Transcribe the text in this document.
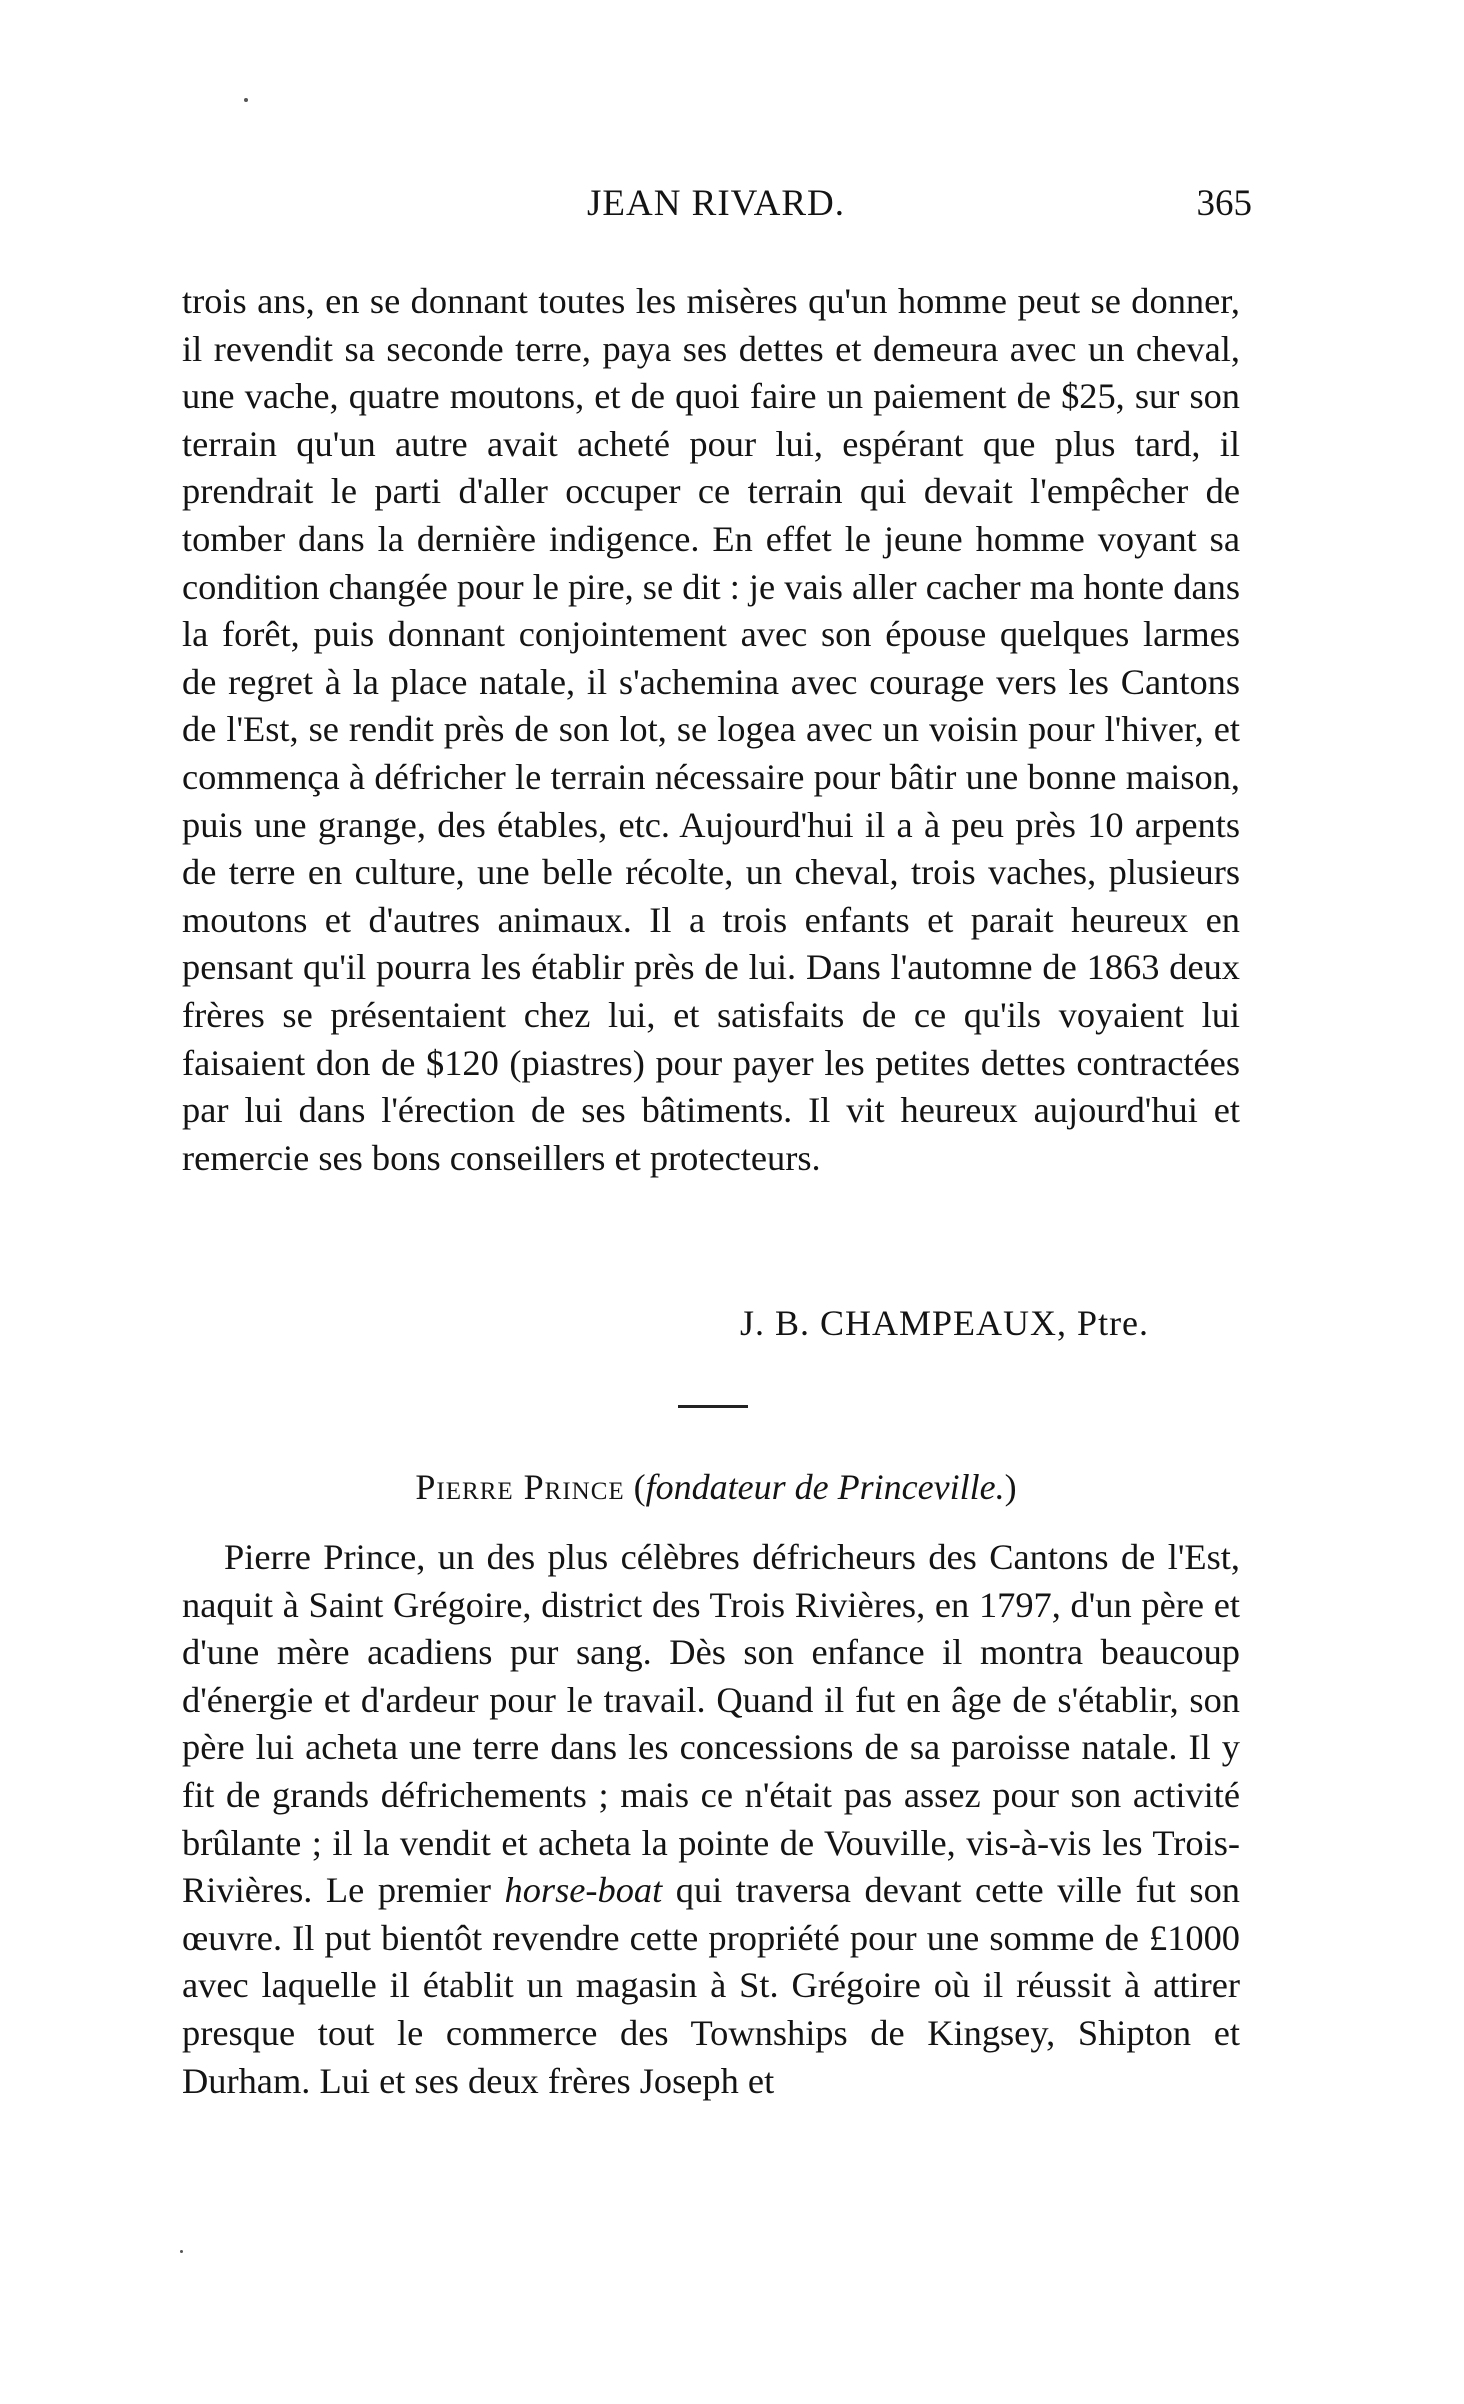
JEAN RIVARD.	365

trois ans, en se donnant toutes les misères qu'un homme peut se donner, il revendit sa seconde terre, paya ses dettes et demeura avec un cheval, une vache, quatre moutons, et de quoi faire un paiement de $25, sur son terrain qu'un autre avait acheté pour lui, espérant que plus tard, il prendrait le parti d'aller occuper ce terrain qui devait l'empêcher de tomber dans la dernière indigence. En effet le jeune homme voyant sa condition changée pour le pire, se dit : je vais aller cacher ma honte dans la forêt, puis donnant conjointement avec son épouse quelques larmes de regret à la place natale, il s'achemina avec courage vers les Cantons de l'Est, se rendit près de son lot, se logea avec un voisin pour l'hiver, et commença à défricher le terrain nécessaire pour bâtir une bonne maison, puis une grange, des étables, etc. Aujourd'hui il a à peu près 10 arpents de terre en culture, une belle récolte, un cheval, trois vaches, plusieurs moutons et d'autres animaux. Il a trois enfants et parait heureux en pensant qu'il pourra les établir près de lui. Dans l'automne de 1863 deux frères se présentaient chez lui, et satisfaits de ce qu'ils voyaient lui faisaient don de $120 (piastres) pour payer les petites dettes contractées par lui dans l'érection de ses bâtiments. Il vit heureux aujourd'hui et remercie ses bons conseillers et protecteurs.

J. B. CHAMPEAUX, Ptre.
Pierre Prince (fondateur de Princeville.)

Pierre Prince, un des plus célèbres défricheurs des Cantons de l'Est, naquit à Saint Grégoire, district des Trois Rivières, en 1797, d'un père et d'une mère acadiens pur sang. Dès son enfance il montra beaucoup d'énergie et d'ardeur pour le travail. Quand il fut en âge de s'établir, son père lui acheta une terre dans les concessions de sa paroisse natale. Il y fit de grands défrichements ; mais ce n'était pas assez pour son activité brûlante ; il la vendit et acheta la pointe de Vouville, vis-à-vis les Trois-Rivières. Le premier horse-boat qui traversa devant cette ville fut son œuvre. Il put bientôt revendre cette propriété pour une somme de £1000 avec laquelle il établit un magasin à St. Grégoire où il réussit à attirer presque tout le commerce des Townships de Kingsey, Shipton et Durham. Lui et ses deux frères Joseph et
